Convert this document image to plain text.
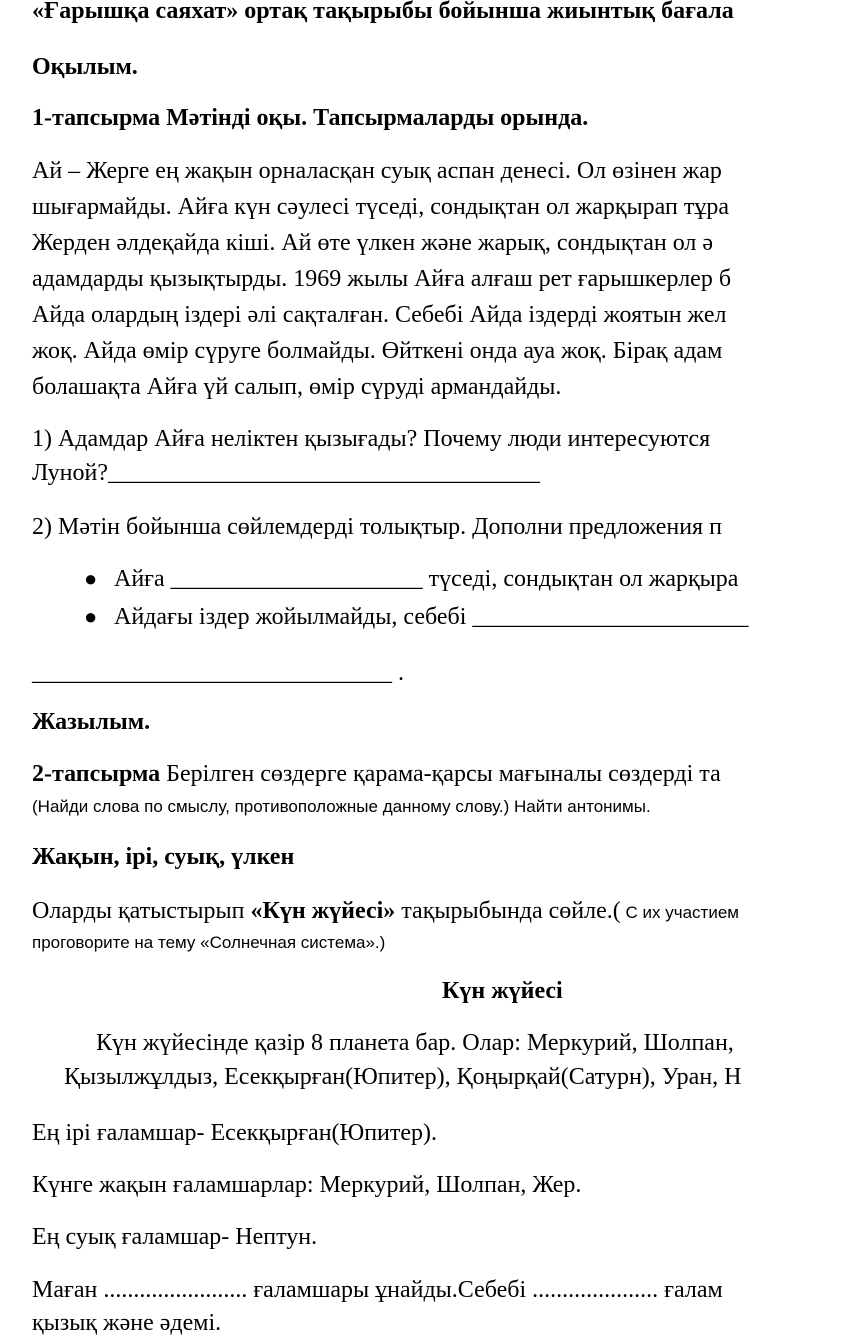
«Ғарышқа саяхат» ортақ тақырыбы бойынша жиынтық бағала

Оқылым.

1-тапсырма Мәтінді оқы. Тапсырмаларды орында.

Ай – Жерге ең жақын орналасқан суық аспан денесі. Ол өзінен жар

шығармайды. Айға күн сәулесі түседі, сондықтан ол жарқырап тұра

Жерден әлдеқайда кіші. Ай өте үлкен және жарық, сондықтан ол ә

адамдарды қызықтырды. 1969 жылы Айға алғаш рет ғарышкерлер б

Айда олардың іздері әлі сақталған. Себебі Айда іздерді жоятын жел

жоқ. Айда өмір сүруге болмайды. Өйткені онда ауа жоқ. Бірақ адам

болашақта Айға үй салып, өмір сүруді армандайды.

1) Адамдар Айға неліктен қызығады? Почему люди интересуются

Луной?____________________________________

2) Мәтін бойынша сөйлемдерді толықтыр. Дополни предложения п

● Айға _____________________ түседі, сондықтан ол жарқыра

● Айдағы іздер жойылмайды, себебі _______________________

______________________________ .

Жазылым.

2-тапсырма Берілген сөздерге қарама-қарсы мағыналы сөздерді та

(Найди слова по смыслу, противоположные данному слову.) Найти антонимы.

Жақын, ірі, суық, үлкен

Оларды қатыстырып «Күн жүйесі» тақырыбында сөйле.( С их участием

проговорите на тему «Солнечная система».)

Күн жүйесі

Күн жүйесінде қазір 8 планета бар. Олар: Меркурий, Шолпан,

Қызылжұлдыз, Есекқырған(Юпитер), Қоңырқай(Сатурн), Уран, Н

Ең ірі ғаламшар- Есекқырған(Юпитер).

Күнге жақын ғаламшарлар: Меркурий, Шолпан, Жер.

Ең суық ғаламшар- Нептун.

Маған ........................ ғаламшары ұнайды.Себебі ..................... ғалам

қызық және әдемі.
